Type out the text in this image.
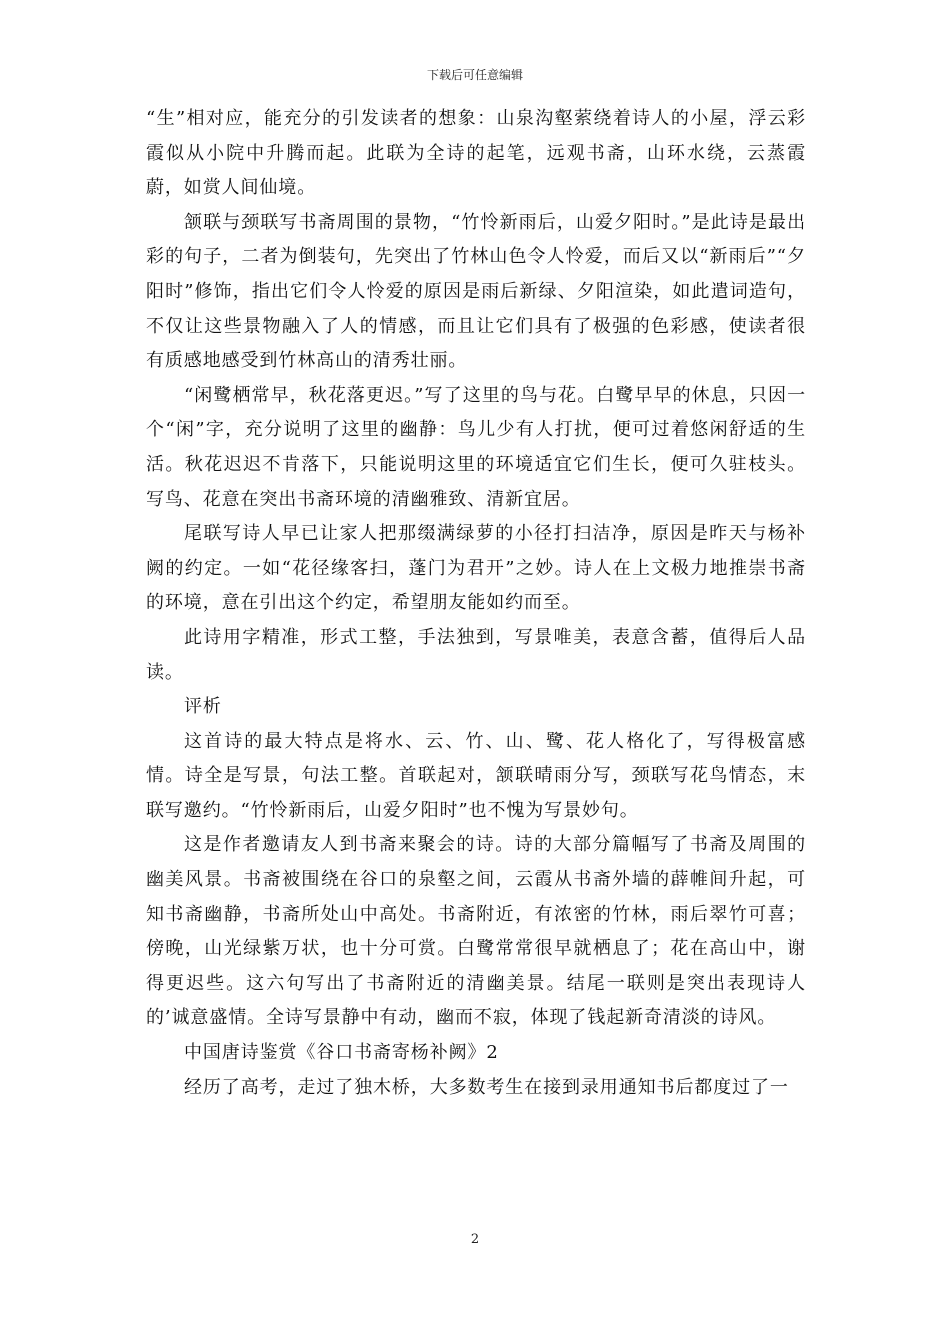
下载后可任意编辑

“生”相对应，能充分的引发读者的想象：山泉沟壑萦绕着诗人的小屋，浮云彩霞似从小院中升腾而起。此联为全诗的起笔，远观书斋，山环水绕，云蒸霞蔚，如赏人间仙境。

颔联与颈联写书斋周围的景物，“竹怜新雨后，山爱夕阳时。”是此诗是最出彩的句子，二者为倒装句，先突出了竹林山色令人怜爱，而后又以“新雨后”“夕阳时”修饰，指出它们令人怜爱的原因是雨后新绿、夕阳渲染，如此遣词造句，不仅让这些景物融入了人的情感，而且让它们具有了极强的色彩感，使读者很有质感地感受到竹林高山的清秀壮丽。

“闲鹭栖常早，秋花落更迟。”写了这里的鸟与花。白鹭早早的休息，只因一个“闲”字，充分说明了这里的幽静：鸟儿少有人打扰，便可过着悠闲舒适的生活。秋花迟迟不肯落下，只能说明这里的环境适宜它们生长，便可久驻枝头。写鸟、花意在突出书斋环境的清幽雅致、清新宜居。

尾联写诗人早已让家人把那缀满绿萝的小径打扫洁净，原因是昨天与杨补阙的约定。一如“花径缘客扫，蓬门为君开”之妙。诗人在上文极力地推崇书斋的环境，意在引出这个约定，希望朋友能如约而至。

此诗用字精准，形式工整，手法独到，写景唯美，表意含蓄，值得后人品读。

评析

这首诗的最大特点是将水、云、竹、山、鹭、花人格化了，写得极富感情。诗全是写景，句法工整。首联起对，颔联晴雨分写，颈联写花鸟情态，末联写邀约。“竹怜新雨后，山爱夕阳时”也不愧为写景妙句。

这是作者邀请友人到书斋来聚会的诗。诗的大部分篇幅写了书斋及周围的幽美风景。书斋被围绕在谷口的泉壑之间，云霞从书斋外墙的薜帷间升起，可知书斋幽静，书斋所处山中高处。书斋附近，有浓密的竹林，雨后翠竹可喜；傍晚，山光绿紫万状，也十分可赏。白鹭常常很早就栖息了；花在高山中，谢得更迟些。这六句写出了书斋附近的清幽美景。结尾一联则是突出表现诗人的’诚意盛情。全诗写景静中有动，幽而不寂，体现了钱起新奇清淡的诗风。

中国唐诗鉴赏《谷口书斋寄杨补阙》2

经历了高考，走过了独木桥，大多数考生在接到录用通知书后都度过了一

2
